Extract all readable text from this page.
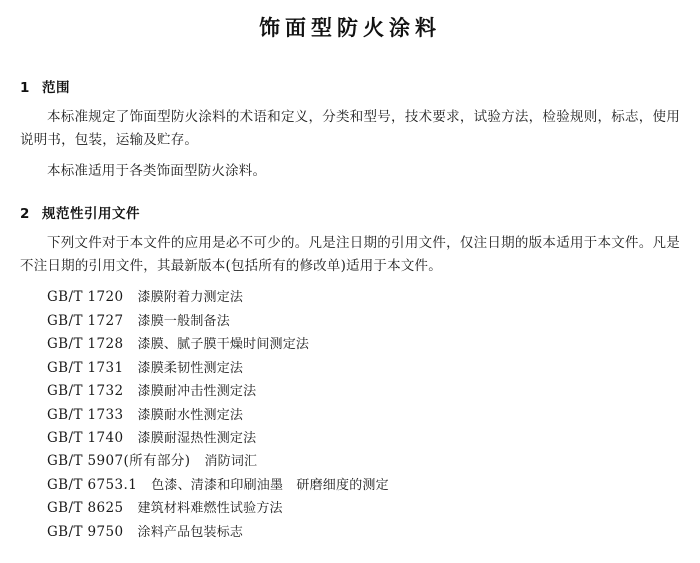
饰面型防火涂料
1 范围

本标准规定了饰面型防火涂料的术语和定义，分类和型号，技术要求，试验方法，检验规则，标志，使用说明书，包装，运输及贮存。

本标准适用于各类饰面型防火涂料。

2 规范性引用文件

下列文件对于本文件的应用是必不可少的。凡是注日期的引用文件，仅注日期的版本适用于本文件。凡是不注日期的引用文件，其最新版本(包括所有的修改单)适用于本文件。

GB/T 1720 漆膜附着力测定法
GB/T 1727 漆膜一般制备法
GB/T 1728 漆膜、腻子膜干燥时间测定法
GB/T 1731 漆膜柔韧性测定法
GB/T 1732 漆膜耐冲击性测定法
GB/T 1733 漆膜耐水性测定法
GB/T 1740 漆膜耐湿热性测定法
GB/T 5907(所有部分) 消防词汇
GB/T 6753.1 色漆、清漆和印刷油墨　研磨细度的测定
GB/T 8625 建筑材料难燃性试验方法
GB/T 9750 涂料产品包装标志
